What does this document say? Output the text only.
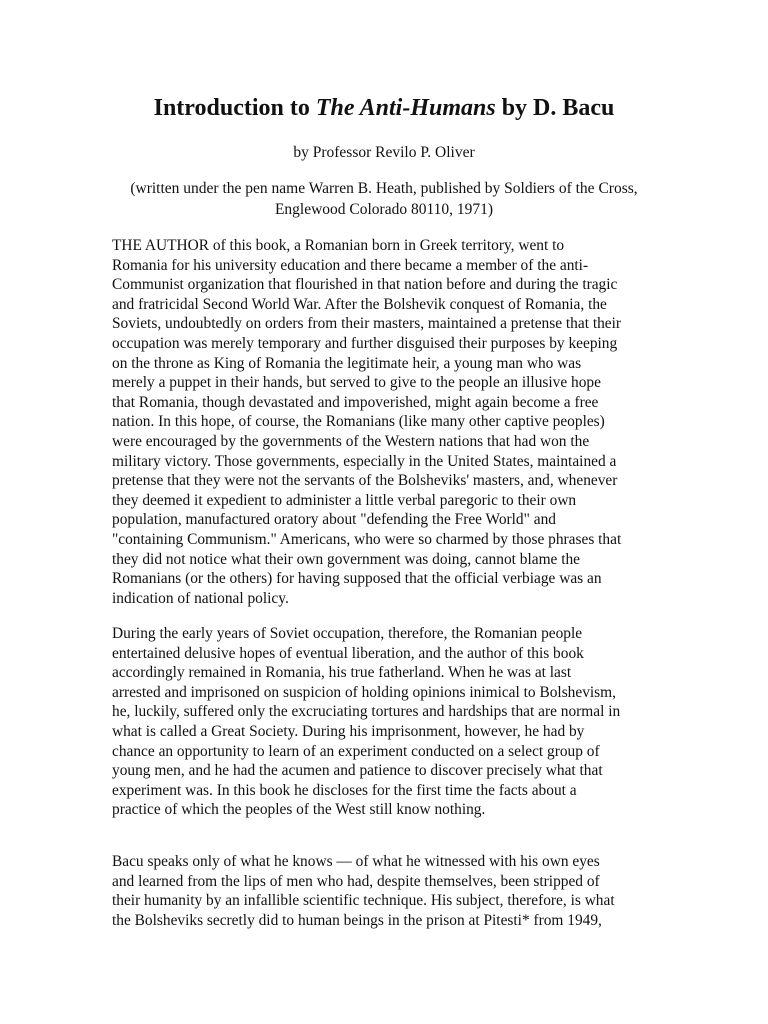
Introduction to The Anti-Humans by D. Bacu

by Professor Revilo P. Oliver

(written under the pen name Warren B. Heath, published by Soldiers of the Cross,
Englewood Colorado 80110, 1971)

THE AUTHOR of this book, a Romanian born in Greek territory, went to
Romania for his university education and there became a member of the anti-
Communist organization that flourished in that nation before and during the tragic
and fratricidal Second World War. After the Bolshevik conquest of Romania, the
Soviets, undoubtedly on orders from their masters, maintained a pretense that their
occupation was merely temporary and further disguised their purposes by keeping
on the throne as King of Romania the legitimate heir, a young man who was
merely a puppet in their hands, but served to give to the people an illusive hope
that Romania, though devastated and impoverished, might again become a free
nation. In this hope, of course, the Romanians (like many other captive peoples)
were encouraged by the governments of the Western nations that had won the
military victory. Those governments, especially in the United States, maintained a
pretense that they were not the servants of the Bolsheviks' masters, and, whenever
they deemed it expedient to administer a little verbal paregoric to their own
population, manufactured oratory about "defending the Free World" and
"containing Communism." Americans, who were so charmed by those phrases that
they did not notice what their own government was doing, cannot blame the
Romanians (or the others) for having supposed that the official verbiage was an
indication of national policy.

During the early years of Soviet occupation, therefore, the Romanian people
entertained delusive hopes of eventual liberation, and the author of this book
accordingly remained in Romania, his true fatherland. When he was at last
arrested and imprisoned on suspicion of holding opinions inimical to Bolshevism,
he, luckily, suffered only the excruciating tortures and hardships that are normal in
what is called a Great Society. During his imprisonment, however, he had by
chance an opportunity to learn of an experiment conducted on a select group of
young men, and he had the acumen and patience to discover precisely what that
experiment was. In this book he discloses for the first time the facts about a
practice of which the peoples of the West still know nothing.

Bacu speaks only of what he knows — of what he witnessed with his own eyes
and learned from the lips of men who had, despite themselves, been stripped of
their humanity by an infallible scientific technique. His subject, therefore, is what
the Bolsheviks secretly did to human beings in the prison at Pitesti* from 1949,
